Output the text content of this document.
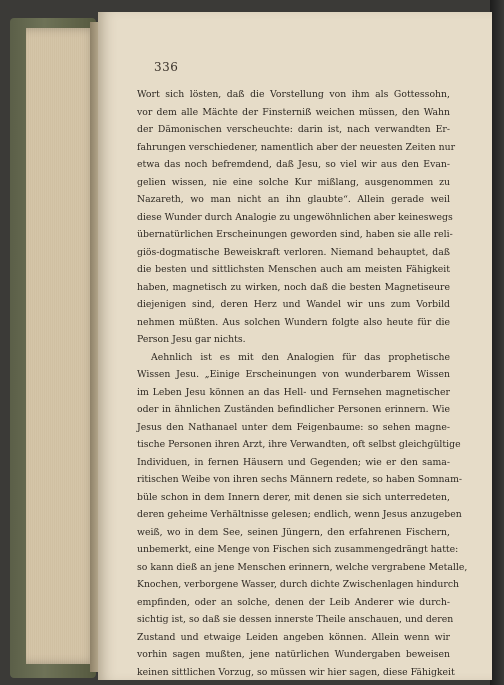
336
Wort sich lösten, daß die Vorstellung von ihm als Gottessohn,
vor dem alle Mächte der Finsterniß weichen müssen, den Wahn
der Dämonischen verscheuchte: darin ist, nach verwandten Er-
fahrungen verschiedener, namentlich aber der neuesten Zeiten nur
etwa das noch befremdend, daß Jesu, so viel wir aus den Evan-
gelien wissen, nie eine solche Kur mißlang, ausgenommen zu
Nazareth, wo man nicht an ihn glaubte“. Allein gerade weil
diese Wunder durch Analogie zu ungewöhnlichen aber keineswegs
übernatürlichen Erscheinungen geworden sind, haben sie alle reli-
giös-dogmatische Beweiskraft verloren. Niemand behauptet, daß
die besten und sittlichsten Menschen auch am meisten Fähigkeit
haben, magnetisch zu wirken, noch daß die besten Magnetiseure
diejenigen sind, deren Herz und Wandel wir uns zum Vorbild
nehmen müßten. Aus solchen Wundern folgte also heute für die
Person Jesu gar nichts.
Aehnlich ist es mit den Analogien für das prophetische
Wissen Jesu. „Einige Erscheinungen von wunderbarem Wissen
im Leben Jesu können an das Hell- und Fernsehen magnetischer
oder in ähnlichen Zuständen befindlicher Personen erinnern. Wie
Jesus den Nathanael unter dem Feigenbaume: so sehen magne-
tische Personen ihren Arzt, ihre Verwandten, oft selbst gleichgültige
Individuen, in fernen Häusern und Gegenden; wie er den sama-
ritischen Weibe von ihren sechs Männern redete, so haben Somnam-
büle schon in dem Innern derer, mit denen sie sich unterredeten,
deren geheime Verhältnisse gelesen; endlich, wenn Jesus anzugeben
weiß, wo in dem See, seinen Jüngern, den erfahrenen Fischern,
unbemerkt, eine Menge von Fischen sich zusammengedrängt hatte:
so kann dieß an jene Menschen erinnern, welche vergrabene Metalle,
Knochen, verborgene Wasser, durch dichte Zwischenlagen hindurch
empfinden, oder an solche, denen der Leib Anderer wie durch-
sichtig ist, so daß sie dessen innerste Theile anschauen, und deren
Zustand und etwaige Leiden angeben können. Allein wenn wir
vorhin sagen mußten, jene natürlichen Wundergaben beweisen
keinen sittlichen Vorzug, so müssen wir hier sagen, diese Fähigkeit
